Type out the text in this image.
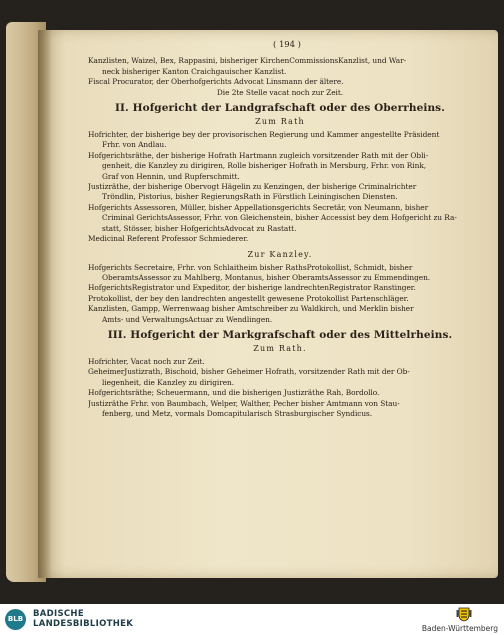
( 194 )
Kanzlisten, Waizel, Bex, Rappasini, bisheriger KirchenCommissionsKanzlist, und War-
neck bisheriger Kanton Craichgauischer Kanzlist.
Fiscal Procurator, der Oberhofgerichts Advocat Linsmann der ältere.
Die 2te Stelle vacat noch zur Zeit.
II. Hofgericht der Landgrafschaft oder des Oberrheins.
Zum Rath
Hofrichter, der bisherige bey der provisorischen Regierung und Kammer angestellte Präsident
Frhr. von Andlau.
Hofgerichtsräthe, der bisherige Hofrath Hartmann zugleich vorsitzender Rath mit der Obli-
genheit, die Kanzley zu dirigiren, Rolle bisheriger Hofrath in Mersburg, Frhr. von Rink,
Graf von Hennin, und Rupferschmitt.
Justizräthe, der bisherige Obervogt Hägelin zu Kenzingen, der bisherige Criminalrichter
Tröndlin, Pistorius, bisher RegierungsRath in Fürstlich Leiningischen Diensten.
Hofgerichts Assessoren, Müller, bisher Appellationsgerichts Secretär, von Neumann, bisher
Criminal GerichtsAssessor, Frhr. von Gleichenstein, bisher Accessist bey dem Hofgericht zu Ra-
statt, Stösser, bisher HofgerichtsAdvocat zu Rastatt.
Medicinal Referent Professor Schmiederer.
Zur Kanzley.
Hofgerichts Secretaire, Frhr. von Schlaitheim bisher RathsProtokollist, Schmidt, bisher
OberamtsAssessor zu Mahlberg, Montanus, bisher OberamtsAssessor zu Emmendingen.
HofgerichtsRegistrator und Expeditor, der bisherige landrechtenRegistrator Ranstinger.
Protokollist, der bey den landrechten angestellt gewesene Protokollist Partenschläger.
Kanzlisten, Gampp, Werrenwaag bisher Amtschreiber zu Waldkirch, und Merklin bisher
Amts- und VerwaltungsActuar zu Wendlingen.
III. Hofgericht der Markgrafschaft oder des Mittelrheins.
Zum Rath.
Hofrichter, Vacat noch zur Zeit.
GeheimerJustizrath, Bischoid, bisher Geheimer Hofrath, vorsitzender Rath mit der Ob-
liegenheit, die Kanzley zu dirigiren.
Hofgerichtsräthe; Scheuermann, und die bisherigen Justizräthe Rah, Bordollo.
Justizräthe Frhr. von Baumbach, Welper, Walther, Pecher bisher Amtmann von Stau-
fenberg, und Metz, vormals Domcapitularisch Strasburgischer Syndicus.
BLB	BADISCHE
LANDESBIBLIOTHEK	Baden-Württemberg
